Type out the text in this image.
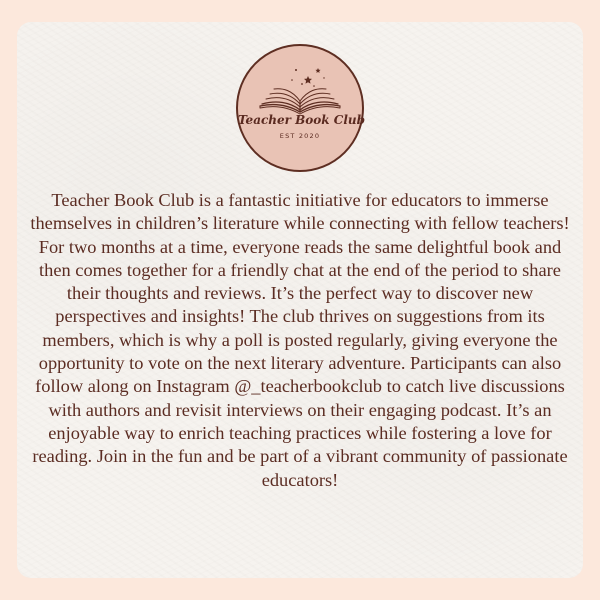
Teacher Book Club
EST 2020

Teacher Book Club is a fantastic initiative for educators to immerse themselves in children’s literature while connecting with fellow teachers! For two months at a time, everyone reads the same delightful book and then comes together for a friendly chat at the end of the period to share their thoughts and reviews. It’s the perfect way to discover new perspectives and insights! The club thrives on suggestions from its members, which is why a poll is posted regularly, giving everyone the opportunity to vote on the next literary adventure. Participants can also follow along on Instagram @_teacherbookclub to catch live discussions with authors and revisit interviews on their engaging podcast. It’s an enjoyable way to enrich teaching practices while fostering a love for reading. Join in the fun and be part of a vibrant community of passionate educators!
